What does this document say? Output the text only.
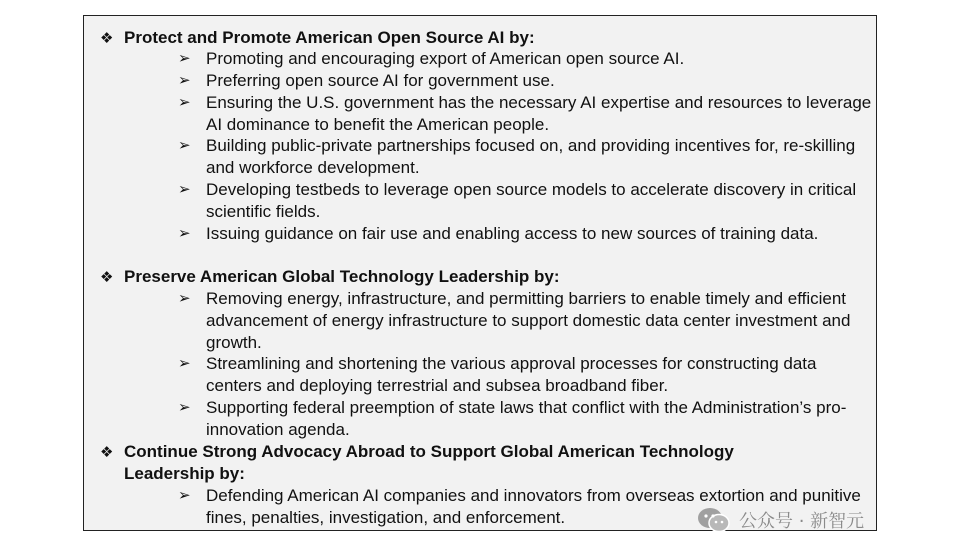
❖ Protect and Promote American Open Source AI by:
➢ Promoting and encouraging export of American open source AI.
➢ Preferring open source AI for government use.
➢ Ensuring the U.S. government has the necessary AI expertise and resources to leverage AI dominance to benefit the American people.
➢ Building public-private partnerships focused on, and providing incentives for, re-skilling and workforce development.
➢ Developing testbeds to leverage open source models to accelerate discovery in critical scientific fields.
➢ Issuing guidance on fair use and enabling access to new sources of training data.
❖ Preserve American Global Technology Leadership by:
➢ Removing energy, infrastructure, and permitting barriers to enable timely and efficient advancement of energy infrastructure to support domestic data center investment and growth.
➢ Streamlining and shortening the various approval processes for constructing data centers and deploying terrestrial and subsea broadband fiber.
➢ Supporting federal preemption of state laws that conflict with the Administration’s pro-innovation agenda.
❖ Continue Strong Advocacy Abroad to Support Global American Technology Leadership by:
➢ Defending American AI companies and innovators from overseas extortion and punitive fines, penalties, investigation, and enforcement.	公众号 · 新智元
